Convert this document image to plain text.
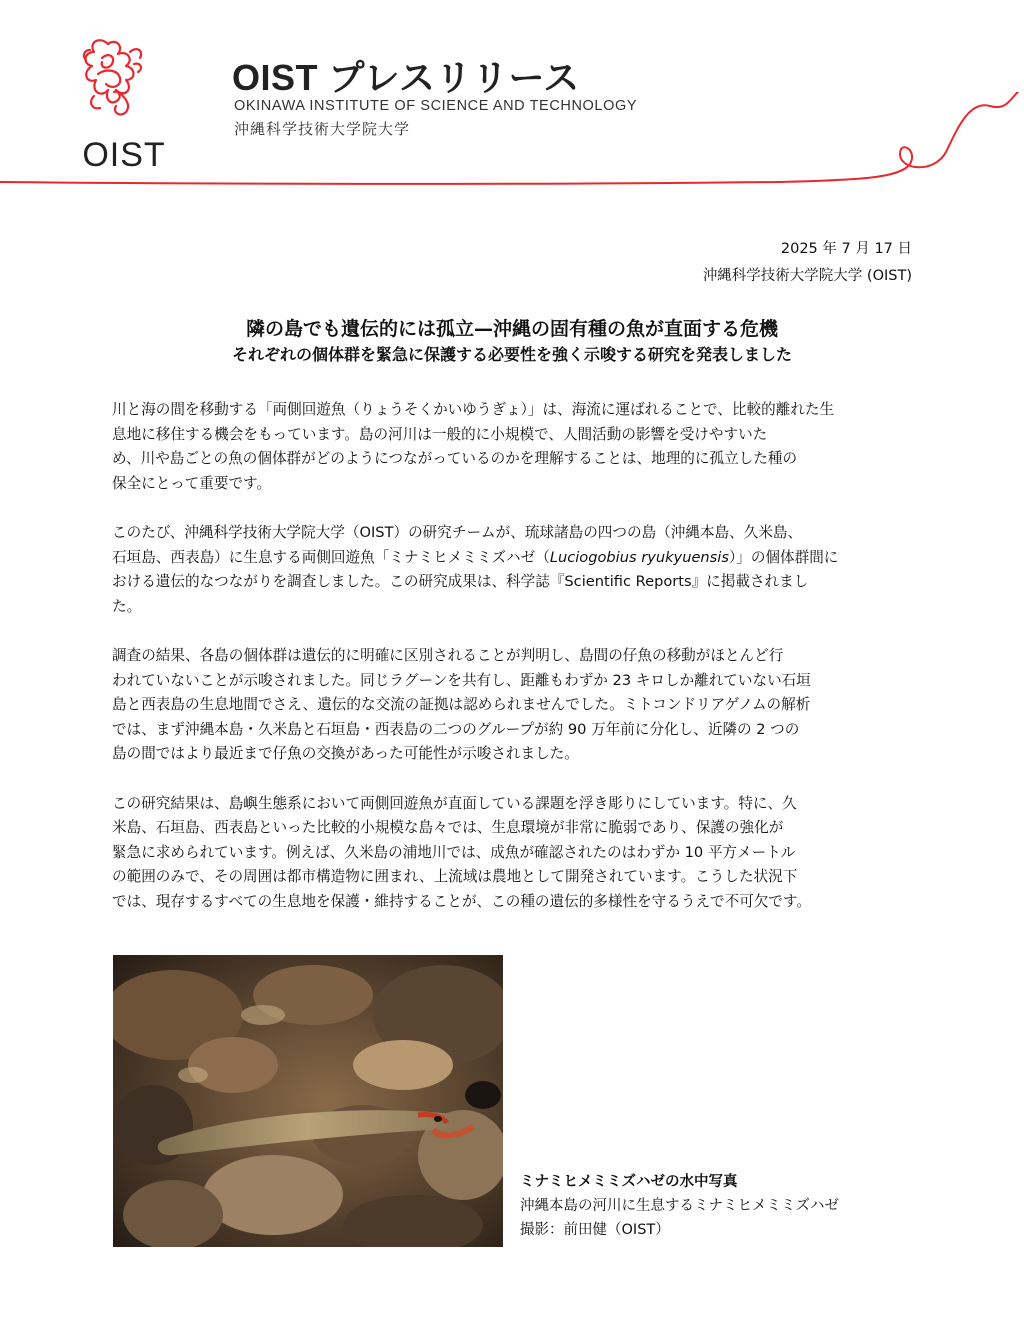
OIST
OIST プレスリリース
OKINAWA INSTITUTE OF SCIENCE AND TECHNOLOGY
沖縄科学技術大学院大学
2025 年 7 月 17 日
沖縄科学技術大学院大学 (OIST)
隣の島でも遺伝的には孤立—沖縄の固有種の魚が直面する危機
それぞれの個体群を緊急に保護する必要性を強く示唆する研究を発表しました

川と海の間を移動する「両側回遊魚（りょうそくかいゆうぎょ）」は、海流に運ばれることで、比較的離れた生
息地に移住する機会をもっています。島の河川は一般的に小規模で、人間活動の影響を受けやすいた
め、川や島ごとの魚の個体群がどのようにつながっているのかを理解することは、地理的に孤立した種の
保全にとって重要です。

このたび、沖縄科学技術大学院大学（OIST）の研究チームが、琉球諸島の四つの島（沖縄本島、久米島、
石垣島、西表島）に生息する両側回遊魚「ミナミヒメミミズハゼ（Luciogobius ryukyuensis）」の個体群間に
おける遺伝的なつながりを調査しました。この研究成果は、科学誌『Scientific Reports』に掲載されまし
た。

調査の結果、各島の個体群は遺伝的に明確に区別されることが判明し、島間の仔魚の移動がほとんど行
われていないことが示唆されました。同じラグーンを共有し、距離もわずか 23 キロしか離れていない石垣
島と西表島の生息地間でさえ、遺伝的な交流の証拠は認められませんでした。ミトコンドリアゲノムの解析
では、まず沖縄本島・久米島と石垣島・西表島の二つのグループが約 90 万年前に分化し、近隣の 2 つの
島の間ではより最近まで仔魚の交換があった可能性が示唆されました。

この研究結果は、島嶼生態系において両側回遊魚が直面している課題を浮き彫りにしています。特に、久
米島、石垣島、西表島といった比較的小規模な島々では、生息環境が非常に脆弱であり、保護の強化が
緊急に求められています。例えば、久米島の浦地川では、成魚が確認されたのはわずか 10 平方メートル
の範囲のみで、その周囲は都市構造物に囲まれ、上流域は農地として開発されています。こうした状況下
では、現存するすべての生息地を保護・維持することが、この種の遺伝的多様性を守るうえで不可欠です。

ミナミヒメミミズハゼの水中写真
沖縄本島の河川に生息するミナミヒメミミズハゼ
撮影：前田健（OIST）
